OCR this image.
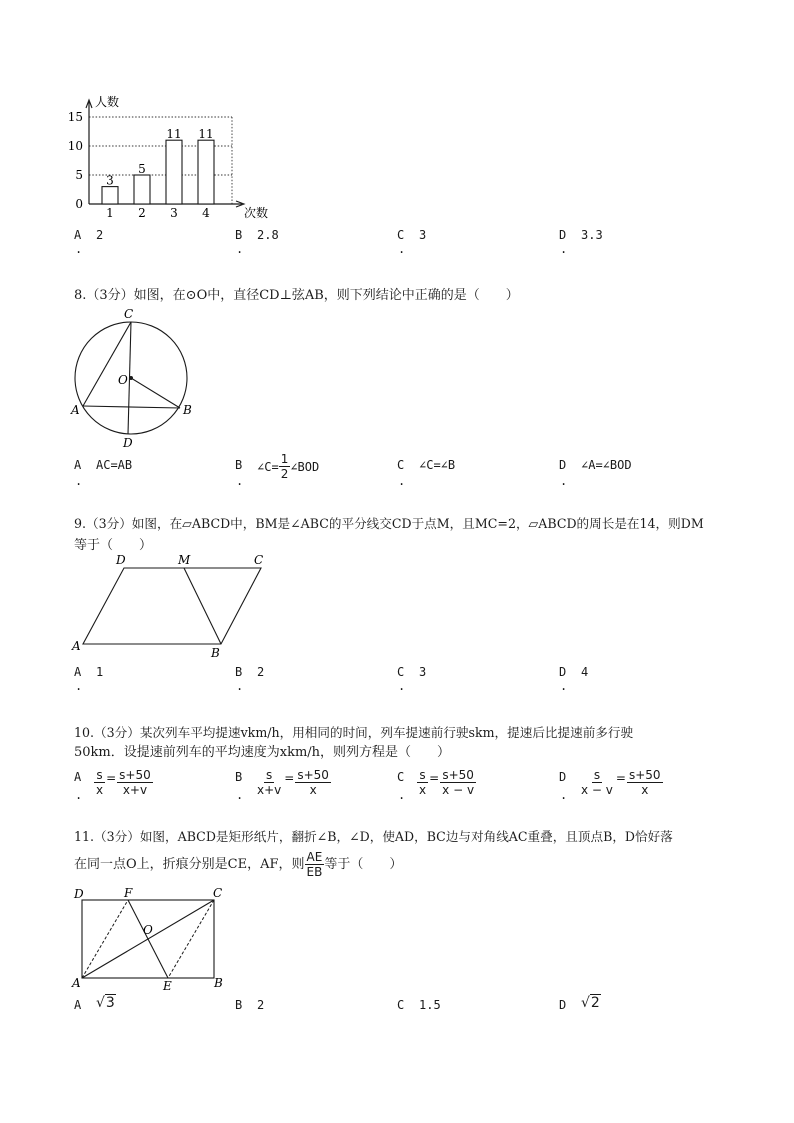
0
5
10
15
人数
次数
3
1
5
2
11
3
11
4
A
.
2	B
.
2.8	C
.
3	D
.
3.3
8.（3分）如图，在⊙O中，直径CD⊥弦AB，则下列结论中正确的是（　　）
C
O
A	B
D
A
.
AC=AB	B
.
∠C= $\frac{1}{2}$ ∠BOD	C
.
∠C=∠B	D
.
∠A=∠BOD
9.（3分）如图，在▱ABCD中，BM是∠ABC的平分线交CD于点M，且MC=2，▱ABCD的周长是在14，则DM
等于（　　）
D	M	C
A	B
A
.
1	B
.
2	C
.
3	D
.
4
10.（3分）某次列车平均提速vkm/h，用相同的时间，列车提速前行驶skm，提速后比提速前多行驶
50km．设提速前列车的平均速度为xkm/h，则列方程是（　　）
A
. $\frac{s}{x} = \frac{s+50}{x+v}$	B
. $\frac{s}{x+v} = \frac{s+50}{x}$	C
. $\frac{s}{x} = \frac{s+50}{x - v}$	D
. $\frac{s}{x - v} = \frac{s+50}{x}$
11.（3分）如图，ABCD是矩形纸片，翻折∠B，∠D，使AD，BC边与对角线AC重叠，且顶点B，D恰好落
在同一点O上，折痕分别是CE，AF，则 $\frac{AE}{EB}$ 等于（　　）
D	F	C
O
A	E	B
A √3	B 2	C 1.5	D √2
